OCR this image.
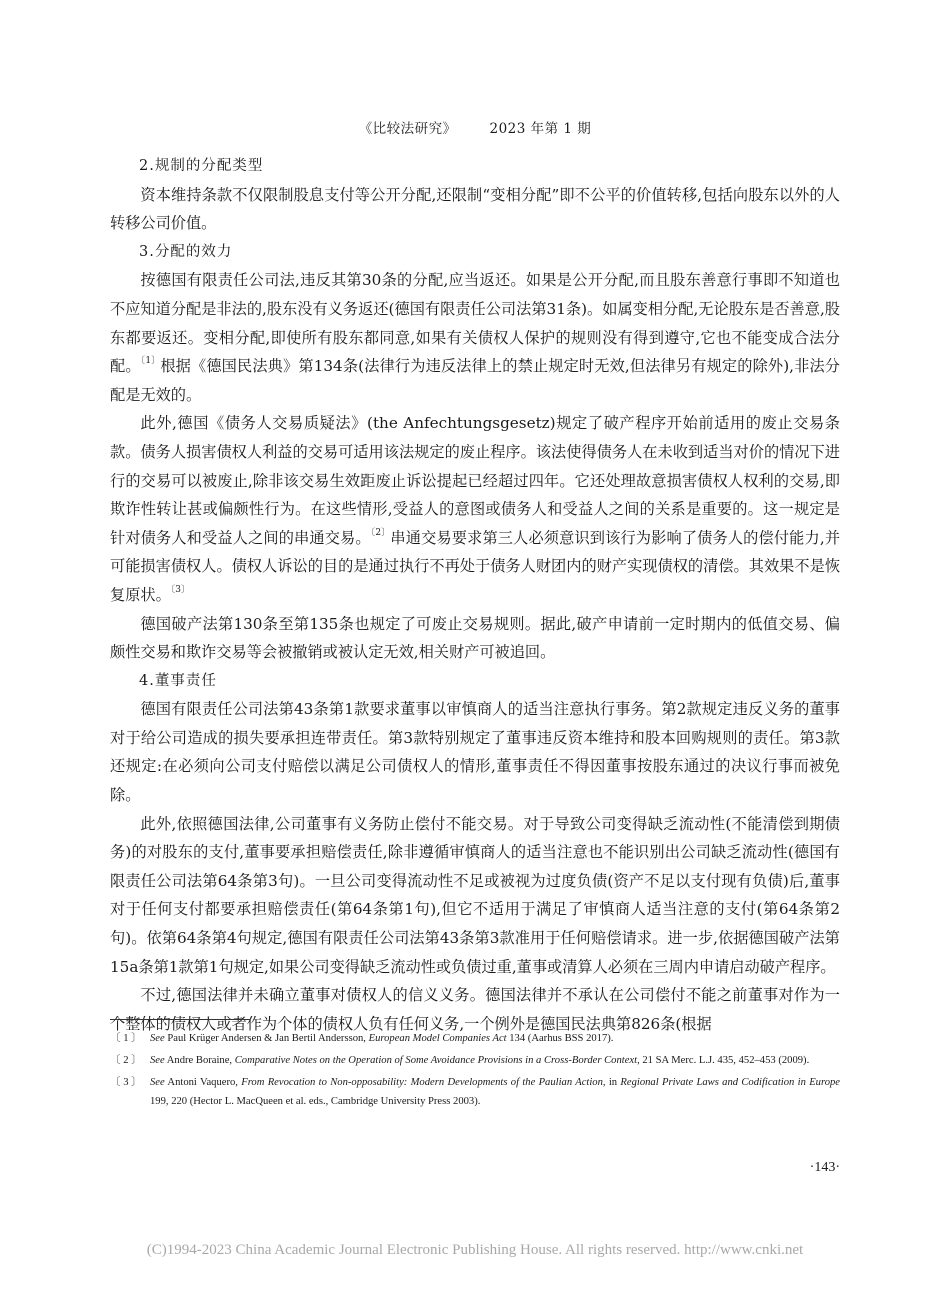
《比较法研究》 2023 年第 1 期
2.规制的分配类型

资本维持条款不仅限制股息支付等公开分配,还限制“变相分配”即不公平的价值转移,包括向股东以外的人转移公司价值。

3.分配的效力

按德国有限责任公司法,违反其第30条的分配,应当返还。如果是公开分配,而且股东善意行事即不知道也不应知道分配是非法的,股东没有义务返还(德国有限责任公司法第31条)。如属变相分配,无论股东是否善意,股东都要返还。变相分配,即使所有股东都同意,如果有关债权人保护的规则没有得到遵守,它也不能变成合法分配。$^{〔1〕}$根据《德国民法典》第134条(法律行为违反法律上的禁止规定时无效,但法律另有规定的除外),非法分配是无效的。

此外,德国《债务人交易质疑法》(the Anfechtungsgesetz)规定了破产程序开始前适用的废止交易条款。债务人损害债权人利益的交易可适用该法规定的废止程序。该法使得债务人在未收到适当对价的情况下进行的交易可以被废止,除非该交易生效距废止诉讼提起已经超过四年。它还处理故意损害债权人权利的交易,即欺诈性转让甚或偏颇性行为。在这些情形,受益人的意图或债务人和受益人之间的关系是重要的。这一规定是针对债务人和受益人之间的串通交易。$^{〔2〕}$串通交易要求第三人必须意识到该行为影响了债务人的偿付能力,并可能损害债权人。债权人诉讼的目的是通过执行不再处于债务人财团内的财产实现债权的清偿。其效果不是恢复原状。$^{〔3〕}$

德国破产法第130条至第135条也规定了可废止交易规则。据此,破产申请前一定时期内的低值交易、偏颇性交易和欺诈交易等会被撤销或被认定无效,相关财产可被追回。

4.董事责任

德国有限责任公司法第43条第1款要求董事以审慎商人的适当注意执行事务。第2款规定违反义务的董事对于给公司造成的损失要承担连带责任。第3款特别规定了董事违反资本维持和股本回购规则的责任。第3款还规定:在必须向公司支付赔偿以满足公司债权人的情形,董事责任不得因董事按股东通过的决议行事而被免除。

此外,依照德国法律,公司董事有义务防止偿付不能交易。对于导致公司变得缺乏流动性(不能清偿到期债务)的对股东的支付,董事要承担赔偿责任,除非遵循审慎商人的适当注意也不能识别出公司缺乏流动性(德国有限责任公司法第64条第3句)。一旦公司变得流动性不足或被视为过度负债(资产不足以支付现有负债)后,董事对于任何支付都要承担赔偿责任(第64条第1句),但它不适用于满足了审慎商人适当注意的支付(第64条第2句)。依第64条第4句规定,德国有限责任公司法第43条第3款准用于任何赔偿请求。进一步,依据德国破产法第15a条第1款第1句规定,如果公司变得缺乏流动性或负债过重,董事或清算人必须在三周内申请启动破产程序。

不过,德国法律并未确立董事对债权人的信义义务。德国法律并不承认在公司偿付不能之前董事对作为一个整体的债权人或者作为个体的债权人负有任何义务,一个例外是德国民法典第826条(根据

〔 1 〕 See Paul Krüger Andersen & Jan Bertil Andersson, European Model Companies Act 134 (Aarhus BSS 2017).
〔 2 〕 See Andre Boraine, Comparative Notes on the Operation of Some Avoidance Provisions in a Cross-Border Context, 21 SA Merc. L.J. 435, 452–453 (2009).
〔 3 〕 See Antoni Vaquero, From Revocation to Non-opposability: Modern Developments of the Paulian Action, in Regional Private Laws and Codification in Europe 199, 220 (Hector L. MacQueen et al. eds., Cambridge University Press 2003).
·143·
(C)1994-2023 China Academic Journal Electronic Publishing House. All rights reserved. http://www.cnki.net
